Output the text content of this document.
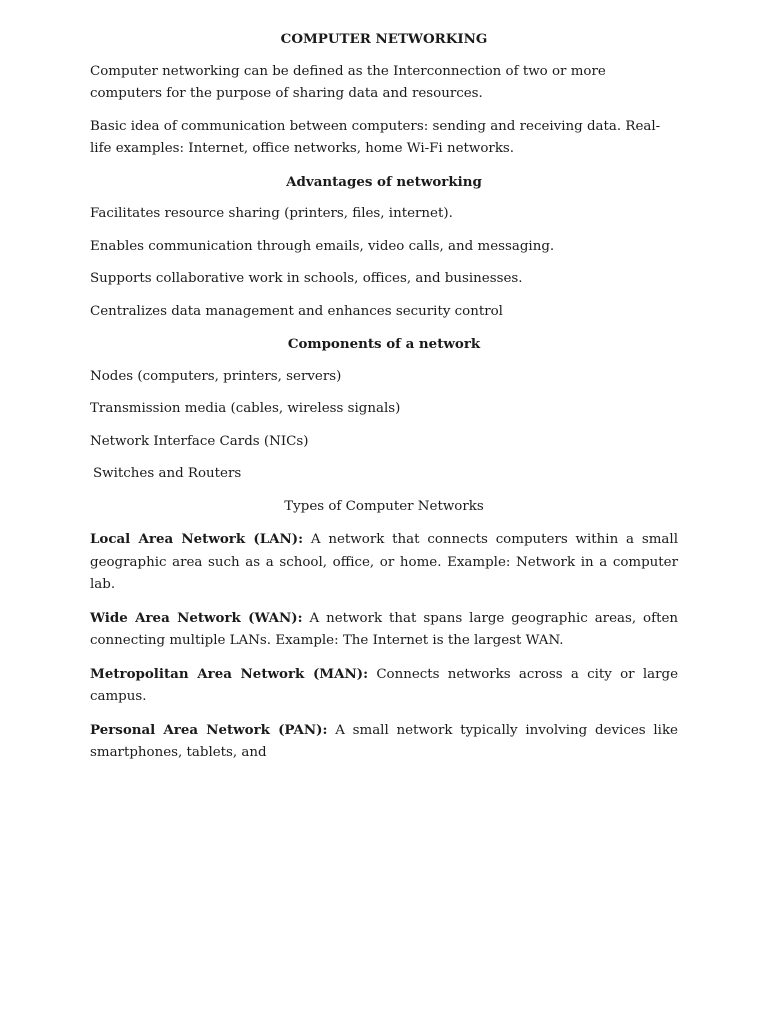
COMPUTER NETWORKING

Computer networking can be defined as the Interconnection of two or more computers for the purpose of sharing data and resources.

Basic idea of communication between computers: sending and receiving data. Real-life examples: Internet, office networks, home Wi-Fi networks.

Advantages of networking

Facilitates resource sharing (printers, files, internet).

Enables communication through emails, video calls, and messaging.

Supports collaborative work in schools, offices, and businesses.

Centralizes data management and enhances security control

Components of a network

Nodes (computers, printers, servers)

Transmission media (cables, wireless signals)

Network Interface Cards (NICs)

Switches and Routers

Types of Computer Networks

Local Area Network (LAN): A network that connects computers within a small geographic area such as a school, office, or home. Example: Network in a computer lab.

Wide Area Network (WAN): A network that spans large geographic areas, often connecting multiple LANs. Example: The Internet is the largest WAN.

Metropolitan Area Network (MAN): Connects networks across a city or large campus.

Personal Area Network (PAN): A small network typically involving devices like smartphones, tablets, and
